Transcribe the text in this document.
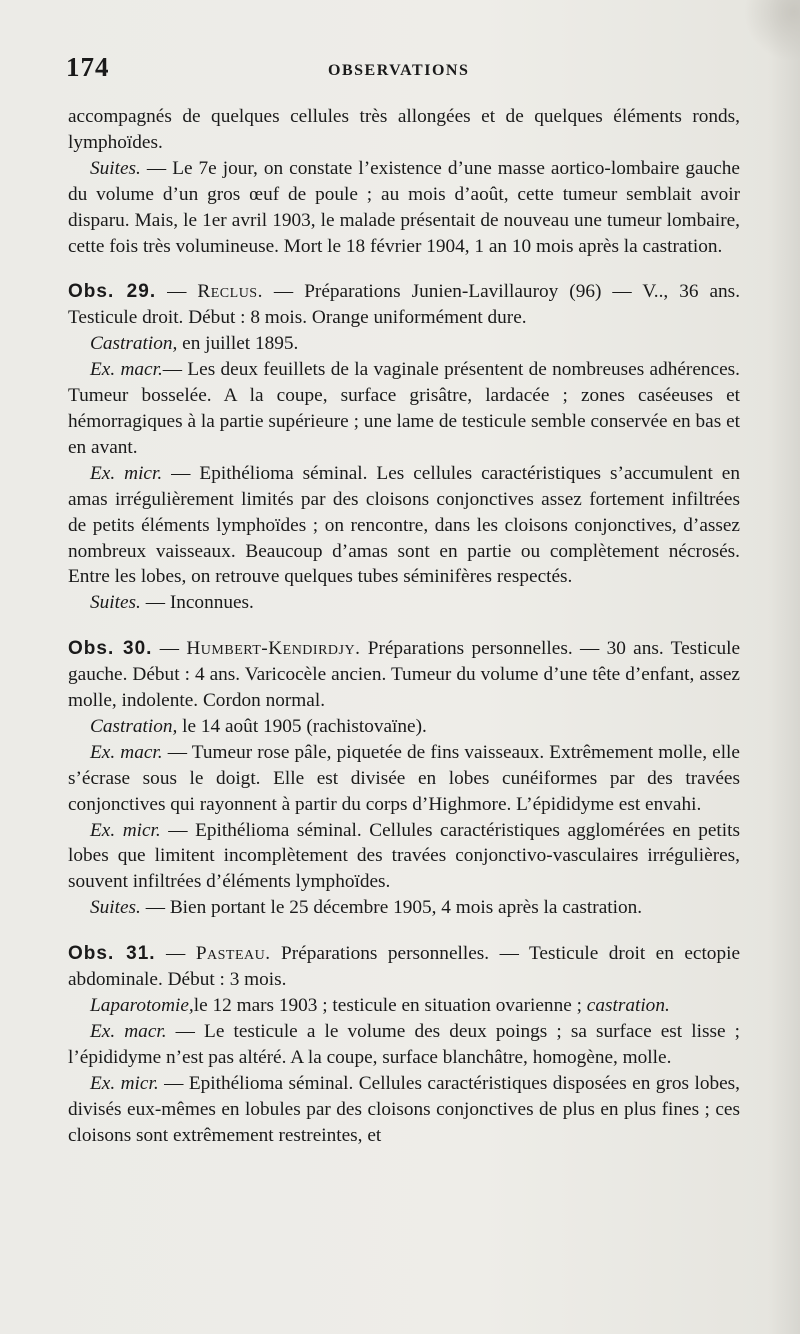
174	OBSERVATIONS

accompagnés de quelques cellules très allongées et de quelques éléments ronds, lymphoïdes.

Suites. — Le 7e jour, on constate l’existence d’une masse aortico-lombaire gauche du volume d’un gros œuf de poule ; au mois d’août, cette tumeur semblait avoir disparu. Mais, le 1er avril 1903, le malade présentait de nouveau une tumeur lombaire, cette fois très volumineuse. Mort le 18 février 1904, 1 an 10 mois après la castration.

Obs. 29. — Reclus. — Préparations Junien-Lavillauroy (96) — V.., 36 ans. Testicule droit. Début : 8 mois. Orange uniformément dure.

Castration, en juillet 1895.

Ex. macr.— Les deux feuillets de la vaginale présentent de nombreuses adhérences. Tumeur bosselée. A la coupe, surface grisâtre, lardacée ; zones caséeuses et hémorragiques à la partie supérieure ; une lame de testicule semble conservée en bas et en avant.

Ex. micr. — Epithélioma séminal. Les cellules caractéristiques s’accumulent en amas irrégulièrement limités par des cloisons conjonctives assez fortement infiltrées de petits éléments lymphoïdes ; on rencontre, dans les cloisons conjonctives, d’assez nombreux vaisseaux. Beaucoup d’amas sont en partie ou complètement nécrosés. Entre les lobes, on retrouve quelques tubes séminifères respectés.

Suites. — Inconnues.

Obs. 30. — Humbert-Kendirdjy. Préparations personnelles. — 30 ans. Testicule gauche. Début : 4 ans. Varicocèle ancien. Tumeur du volume d’une tête d’enfant, assez molle, indolente. Cordon normal.

Castration, le 14 août 1905 (rachistovaïne).

Ex. macr. — Tumeur rose pâle, piquetée de fins vaisseaux. Extrêmement molle, elle s’écrase sous le doigt. Elle est divisée en lobes cunéiformes par des travées conjonctives qui rayonnent à partir du corps d’Highmore. L’épididyme est envahi.

Ex. micr. — Epithélioma séminal. Cellules caractéristiques agglomérées en petits lobes que limitent incomplètement des travées conjonctivo-vasculaires irrégulières, souvent infiltrées d’éléments lymphoïdes.

Suites. — Bien portant le 25 décembre 1905, 4 mois après la castration.

Obs. 31. — Pasteau. Préparations personnelles. — Testicule droit en ectopie abdominale. Début : 3 mois.

Laparotomie,le 12 mars 1903 ; testicule en situation ovarienne ; castration.

Ex. macr. — Le testicule a le volume des deux poings ; sa surface est lisse ; l’épididyme n’est pas altéré. A la coupe, surface blanchâtre, homogène, molle.

Ex. micr. — Epithélioma séminal. Cellules caractéristiques disposées en gros lobes, divisés eux-mêmes en lobules par des cloisons conjonctives de plus en plus fines ; ces cloisons sont extrêmement restreintes, et
